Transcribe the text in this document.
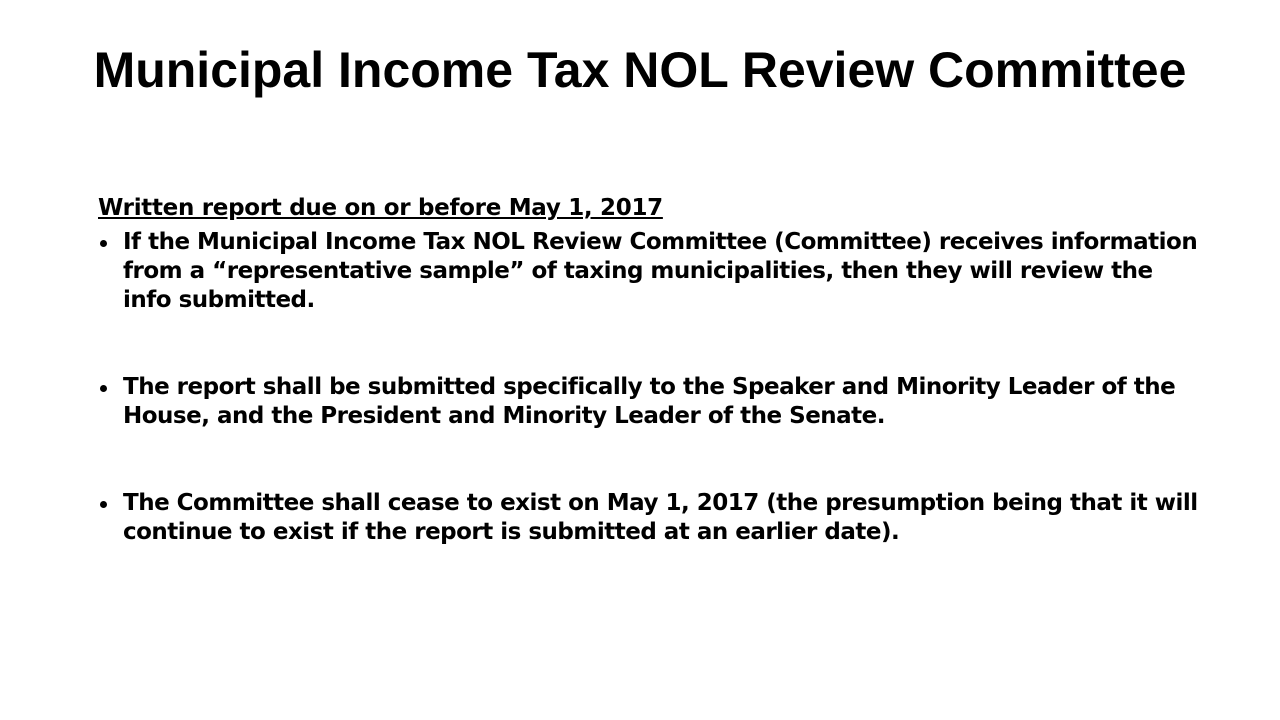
Municipal Income Tax NOL Review Committee
Written report due on or before May 1, 2017
If the Municipal Income Tax NOL Review Committee (Committee) receives information from a “representative sample” of taxing municipalities, then they will review the info submitted.
The report shall be submitted specifically to the Speaker and Minority Leader of the House, and the President and Minority Leader of the Senate.
The Committee shall cease to exist on May 1, 2017 (the presumption being that it will continue to exist if the report is submitted at an earlier date).
